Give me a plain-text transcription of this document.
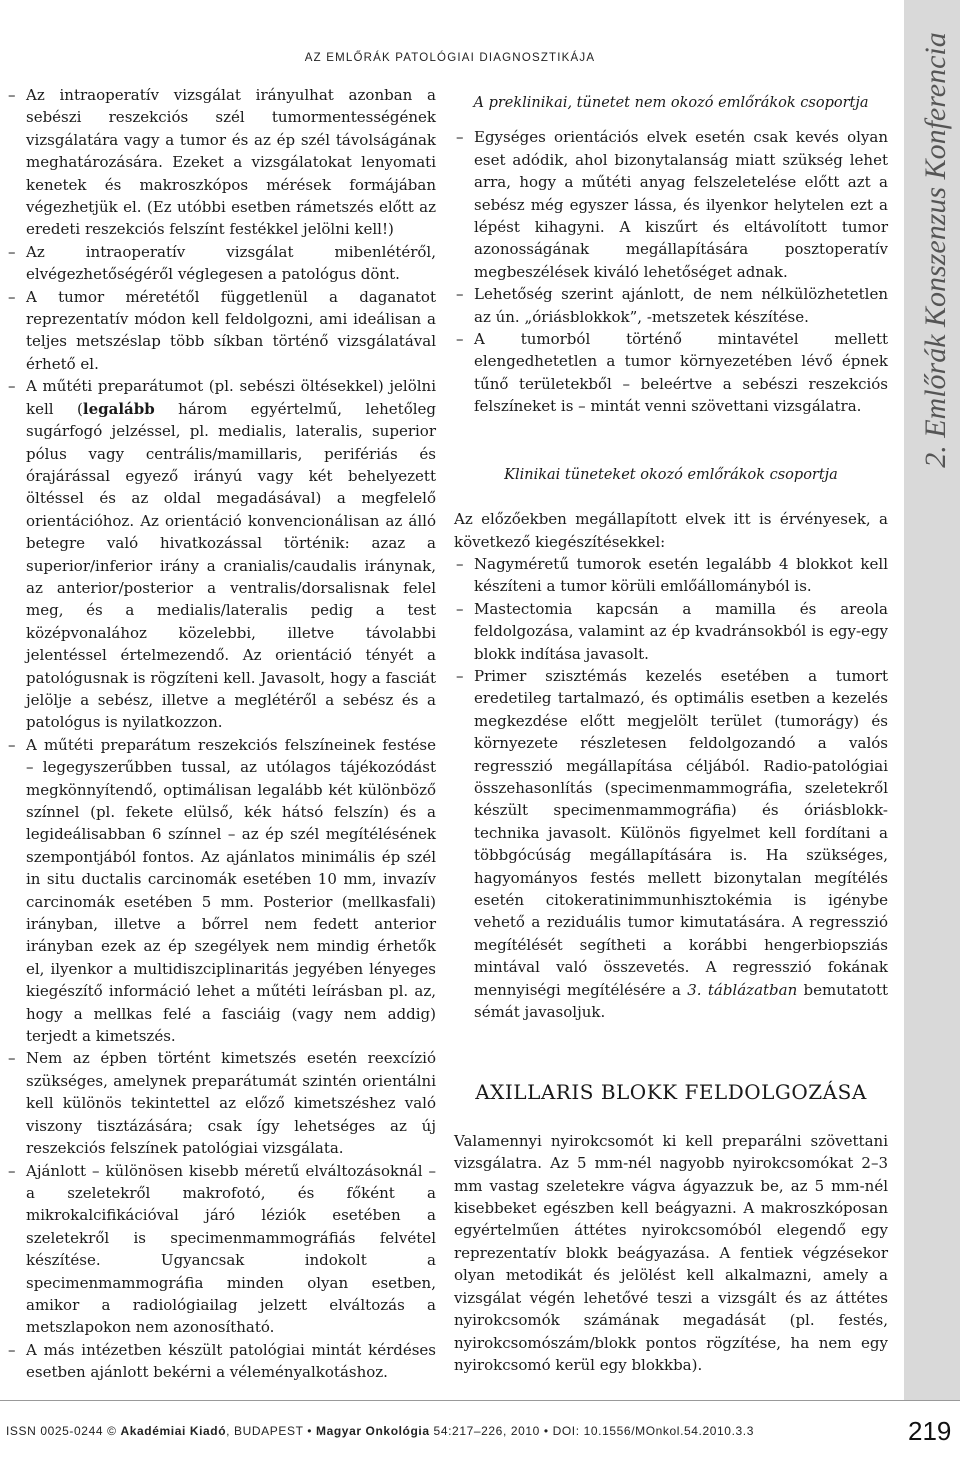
2. Emlőrák Konszenzus Konferencia
AZ EMLŐRÁK PATOLÓGIAI DIAGNOSZTIKÁJA
– Az intraoperatív vizsgálat irányulhat azonban a sebészi reszekciós szél tumormentességének vizsgálatára vagy a tumor és az ép szél távolságának meghatározására. Ezeket a vizsgálatokat lenyomati kenetek és makroszkópos mérések formájában végezhetjük el. (Ez utóbbi esetben rámetszés előtt az eredeti reszekciós felszínt festékkel jelölni kell!)
– Az intraoperatív vizsgálat mibenlétéről, elvégezhetőségéről véglegesen a patológus dönt.
– A tumor méretétől függetlenül a daganatot reprezentatív módon kell feldolgozni, ami ideálisan a teljes metszéslap több síkban történő vizsgálatával érhető el.
– A műtéti preparátumot (pl. sebészi öltésekkel) jelölni kell (legalább három egyértelmű, lehetőleg sugárfogó jelzéssel, pl. medialis, lateralis, superior pólus vagy centrális/mamillaris, perifériás és órajárással egyező irányú vagy két behelyezett öltéssel és az oldal megadásával) a megfelelő orientációhoz. Az orientáció konvencionálisan az álló betegre való hivatkozással történik: azaz a superior/inferior irány a cranialis/caudalis iránynak, az anterior/posterior a ventralis/dorsalisnak felel meg, és a medialis/lateralis pedig a test középvonalához közelebbi, illetve távolabbi jelentéssel értelmezendő. Az orientáció tényét a patológusnak is rögzíteni kell. Javasolt, hogy a fasciát jelölje a sebész, illetve a meglétéről a sebész és a patológus is nyilatkozzon.
– A műtéti preparátum reszekciós felszíneinek festése – legegyszerűbben tussal, az utólagos tájékozódást megkönnyítendő, optimálisan legalább két különböző színnel (pl. fekete elülső, kék hátsó felszín) és a legideálisabban 6 színnel – az ép szél megítélésének szempontjából fontos. Az ajánlatos minimális ép szél in situ ductalis carcinomák esetében 10 mm, invazív carcinomák esetében 5 mm. Posterior (mellkasfali) irányban, illetve a bőrrel nem fedett anterior irányban ezek az ép szegélyek nem mindig érhetők el, ilyenkor a multidiszciplinaritás jegyében lényeges kiegészítő információ lehet a műtéti leírásban pl. az, hogy a mellkas felé a fasciáig (vagy nem addig) terjedt a kimetszés.
– Nem az épben történt kimetszés esetén reexcízió szükséges, amelynek preparátumát szintén orientálni kell különös tekintettel az előző kimetszéshez való viszony tisztázására; csak így lehetséges az új reszekciós felszínek patológiai vizsgálata.
– Ajánlott – különösen kisebb méretű elváltozásoknál – a szeletekről makrofotó, és főként a mikrokalcifikációval járó léziók esetében a szeletekről is specimenmammográfiás felvétel készítése. Ugyancsak indokolt a specimenmammográfia minden olyan esetben, amikor a radiológiailag jelzett elváltozás a metszlapokon nem azonosítható.
– A más intézetben készült patológiai mintát kérdéses esetben ajánlott bekérni a véleményalkotáshoz.
A preklinikai, tünetet nem okozó emlőrákok csoportja
– Egységes orientációs elvek esetén csak kevés olyan eset adódik, ahol bizonytalanság miatt szükség lehet arra, hogy a műtéti anyag felszeletelése előtt azt a sebész még egyszer lássa, és ilyenkor helytelen ezt a lépést kihagyni. A kiszűrt és eltávolított tumor azonosságának megállapítására posztoperatív megbeszélések kiváló lehetőséget adnak.
– Lehetőség szerint ajánlott, de nem nélkülözhetetlen az ún. „óriásblokkok”, -metszetek készítése.
– A tumorból történő mintavétel mellett elengedhetetlen a tumor környezetében lévő épnek tűnő területekből – beleértve a sebészi reszekciós felszíneket is – mintát venni szövettani vizsgálatra.
Klinikai tüneteket okozó emlőrákok csoportja

Az előzőekben megállapított elvek itt is érvényesek, a következő kiegészítésekkel:

– Nagyméretű tumorok esetén legalább 4 blokkot kell készíteni a tumor körüli emlőállományból is.
– Mastectomia kapcsán a mamilla és areola feldolgozása, valamint az ép kvadránsokból is egy-egy blokk indítása javasolt.
– Primer szisztémás kezelés esetében a tumort eredetileg tartalmazó, és optimális esetben a kezelés megkezdése előtt megjelölt terület (tumorágy) és környezete részletesen feldolgozandó a valós regresszió megállapítása céljából. Radio-patológiai összehasonlítás (specimenmammográfia, szeletekről készült specimenmammográfia) és óriásblokk-technika javasolt. Különös figyelmet kell fordítani a többgócúság megállapítására is. Ha szükséges, hagyományos festés mellett bizonytalan megítélés esetén citokeratinimmunhisztokémia is igénybe vehető a reziduális tumor kimutatására. A regresszió megítélését segítheti a korábbi hengerbiopsziás mintával való összevetés. A regresszió fokának mennyiségi megítélésére a 3. táblázatban bemutatott sémát javasoljuk.
AXILLARIS BLOKK FELDOLGOZÁSA

Valamennyi nyirokcsomót ki kell preparálni szövettani vizsgálatra. Az 5 mm-nél nagyobb nyirokcsomókat 2–3 mm vastag szeletekre vágva ágyazzuk be, az 5 mm-nél kisebbeket egészben kell beágyazni. A makroszkóposan egyértelműen áttétes nyirokcsomóból elegendő egy reprezentatív blokk beágyazása. A fentiek végzésekor olyan metodikát és jelölést kell alkalmazni, amely a vizsgálat végén lehetővé teszi a vizsgált és az áttétes nyirokcsomók számának megadását (pl. festés, nyirokcsomószám/blokk pontos rögzítése, ha nem egy nyirokcsomó kerül egy blokkba).

ISSN 0025-0244 © Akadémiai Kiadó, BUDAPEST • Magyar Onkológia 54:217–226, 2010 • DOI: 10.1556/MOnkol.54.2010.3.3	219
